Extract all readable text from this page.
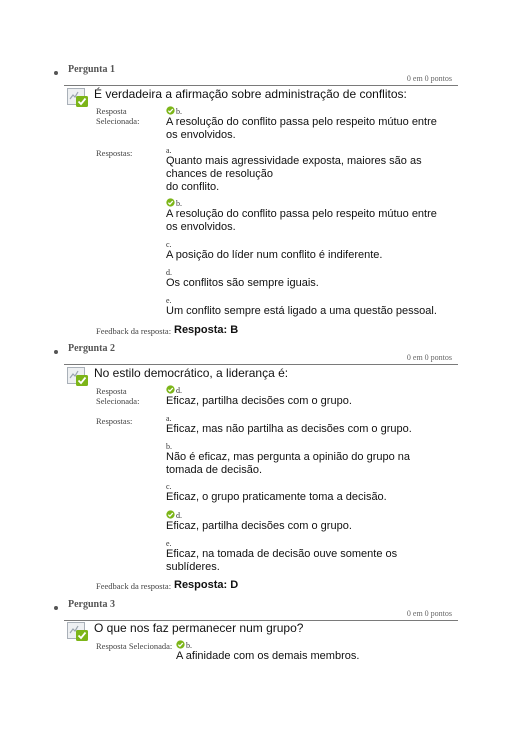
Pergunta 1
0 em 0 pontos
É verdadeira a afirmação sobre administração de conflitos:
Resposta
Selecionada:
b.
A resolução do conflito passa pelo respeito mútuo entre
os envolvidos.
Respostas:	a.
Quanto mais agressividade exposta, maiores são as
chances de resolução
do conflito.
b.
A resolução do conflito passa pelo respeito mútuo entre
os envolvidos.
c.
A posição do líder num conflito é indiferente.
d.
Os conflitos são sempre iguais.
e.
Um conflito sempre está ligado a uma questão pessoal.
Feedback da resposta: Resposta: B
Pergunta 2
0 em 0 pontos
No estilo democrático, a liderança é:
Resposta
Selecionada:
d.
Eficaz, partilha decisões com o grupo.
Respostas:	a.
Eficaz, mas não partilha as decisões com o grupo.
b.
Não é eficaz, mas pergunta a opinião do grupo na
tomada de decisão.
c.
Eficaz, o grupo praticamente toma a decisão.
d.
Eficaz, partilha decisões com o grupo.
e.
Eficaz, na tomada de decisão ouve somente os
sublíderes.
Feedback da resposta: Resposta: D
Pergunta 3
0 em 0 pontos
O que nos faz permanecer num grupo?
Resposta Selecionada:	b.
A afinidade com os demais membros.
